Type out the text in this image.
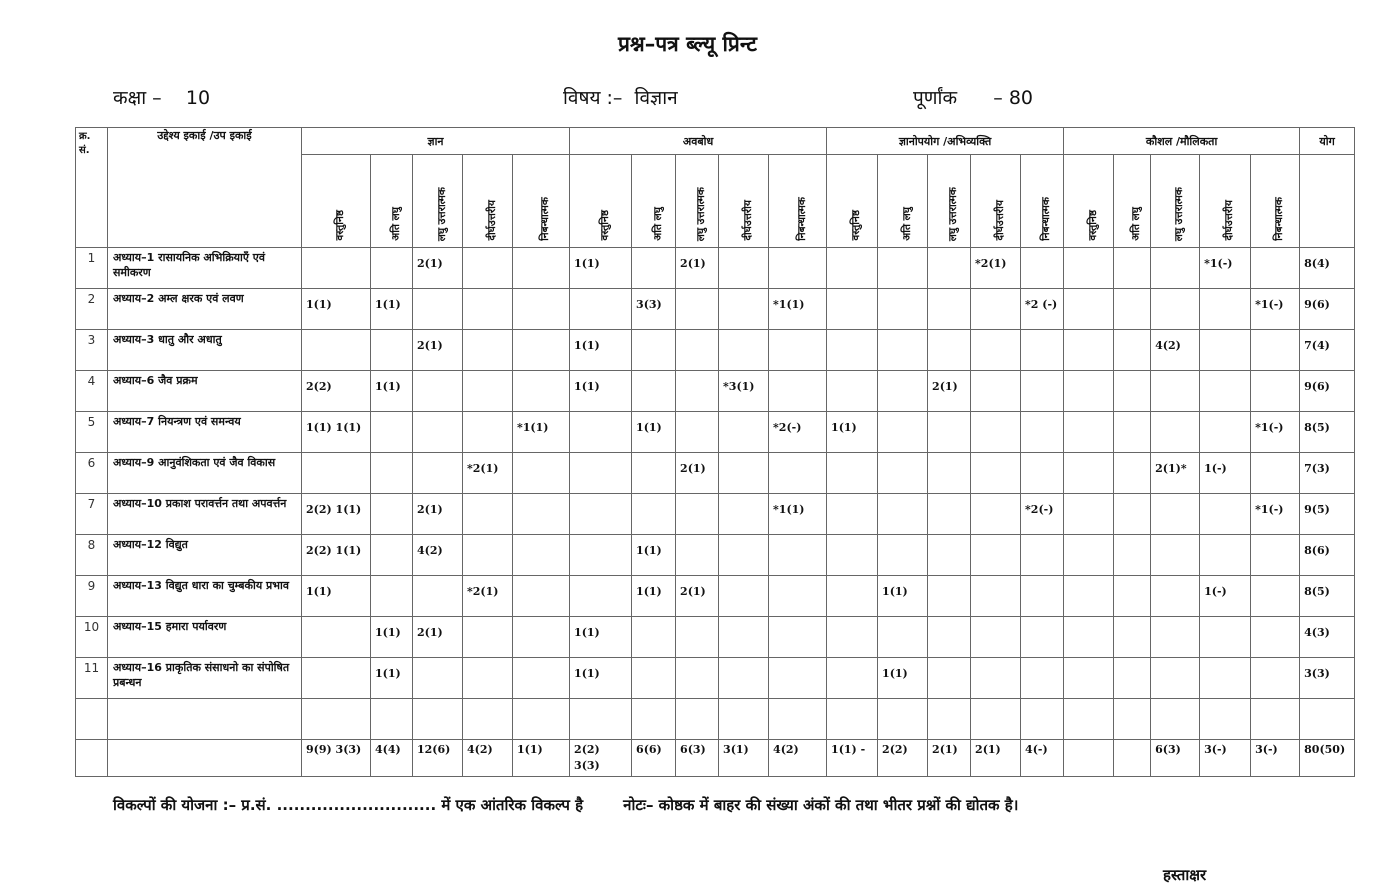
प्रश्न–पत्र ब्ल्यू प्रिन्ट
कक्षा – 10	विषय :– विज्ञान	पूर्णांक – 80
क्र. सं.	उद्देश्य इकाई /उप इकाई	ज्ञान					अवबोध					ज्ञानोपयोग /अभिव्यक्ति					कौशल /मौलिकता					योग
		वस्तुनिष्ठ	अति लघु	लघु उत्तरात्मक	दीर्घउत्तरीय	निबन्धात्मक	वस्तुनिष्ठ	अति लघु	लघु उत्तरात्मक	दीर्घउत्तरीय	निबन्धात्मक	वस्तुनिष्ठ	अति लघु	लघु उत्तरात्मक	दीर्घउत्तरीय	निबन्धात्मक	वस्तुनिष्ठ	अति लघु	लघु उत्तरात्मक	दीर्घउत्तरीय	निबन्धात्मक	
1	अध्याय–1 रासायनिक अभिक्रियाएँ एवं समीकरण			2(1)			1(1)		2(1)						*2(1)					*1(-)		8(4)
2	अध्याय–2 अम्ल क्षरक एवं लवण	1(1)	1(1)					3(3)			*1(1)					*2 (-)					*1(-)	9(6)
3	अध्याय–3 धातु और अधातु			2(1)			1(1)												4(2)			7(4)
4	अध्याय–6 जैव प्रक्रम	2(2)	1(1)				1(1)			*3(1)				2(1)								9(6)
5	अध्याय–7 नियन्त्रण एवं समन्वय	1(1) 1(1)				*1(1)		1(1)			*2(-)	1(1)									*1(-)	8(5)
6	अध्याय–9 आनुवंशिकता एवं जैव विकास				*2(1)				2(1)										2(1)*	1(-)		7(3)
7	अध्याय–10 प्रकाश परावर्त्तन तथा अपवर्त्तन	2(2) 1(1)		2(1)							*1(1)					*2(-)					*1(-)	9(5)
8	अध्याय–12 विद्युत	2(2) 1(1)		4(2)				1(1)														8(6)
9	अध्याय–13 विद्युत धारा का चुम्बकीय प्रभाव	1(1)			*2(1)			1(1)	2(1)				1(1)							1(-)		8(5)
10	अध्याय–15 हमारा पर्यावरण		1(1)	2(1)			1(1)															4(3)
11	अध्याय–16 प्राकृतिक संसाधनो का संपोषित प्रबन्धन		1(1)				1(1)						1(1)									3(3)

		9(9) 3(3)	4(4)	12(6)	4(2)	1(1)	2(2) 3(3)	6(6)	6(3)	3(1)	4(2)	1(1) -	2(2)	2(1)	2(1)	4(-)			6(3)	3(-)	3(-)	80(50)
विकल्पों की योजना :– प्र.सं. ............................ में एक आंतरिक विकल्प है	नोटः– कोष्ठक में बाहर की संख्या अंकों की तथा भीतर प्रश्नों की द्योतक है।
हस्ताक्षर
